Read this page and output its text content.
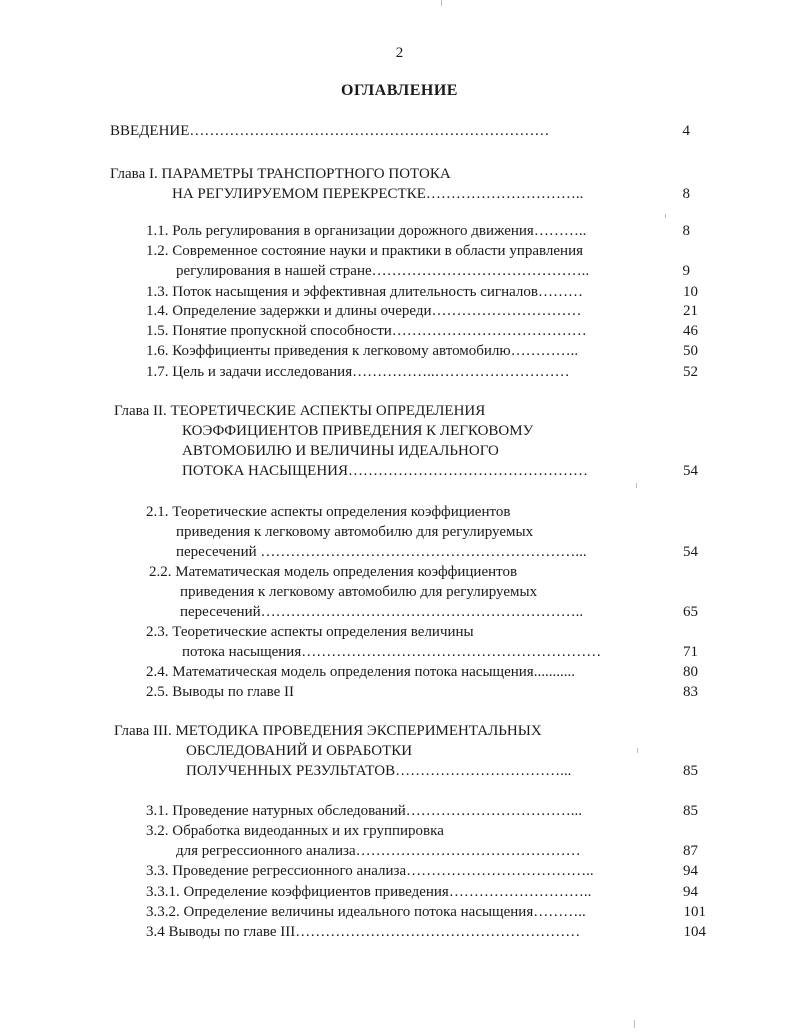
2
ОГЛАВЛЕНИЕ
ВВЕДЕНИЕ………………………………………………………………	4
Глава I. ПАРАМЕТРЫ ТРАНСПОРТНОГО ПОТОКА
НА РЕГУЛИРУЕМОМ ПЕРЕКРЕСТКЕ…………………………..	8
1.1. Роль регулирования в организации дорожного движения………..	8
1.2. Современное состояние науки и практики в области управления
регулирования в нашей стране……………………………………..	9
1.3. Поток насыщения и эффективная длительность сигналов………	10
1.4. Определение задержки и длины очереди…………………………	21
1.5. Понятие пропускной способности…………………………………	46
1.6. Коэффициенты приведения к легковому автомобилю…………..	50
1.7. Цель и задачи исследования……………..………………………	52
Глава II. ТЕОРЕТИЧЕСКИЕ АСПЕКТЫ ОПРЕДЕЛЕНИЯ
КОЭФФИЦИЕНТОВ ПРИВЕДЕНИЯ К ЛЕГКОВОМУ
АВТОМОБИЛЮ И ВЕЛИЧИНЫ ИДЕАЛЬНОГО
ПОТОКА НАСЫЩЕНИЯ…………………………………………	54
2.1. Теоретические аспекты определения коэффициентов
приведения к легковому автомобилю для регулируемых
пересечений ………………………………………………………...	54
2.2. Математическая модель определения коэффициентов
приведения к легковому автомобилю для регулируемых
пересечений………………………………………………………..	65
2.3. Теоретические аспекты определения величины
потока насыщения……………………………………………………	71
2.4. Математическая модель определения потока насыщения...........	80
2.5. Выводы по главе II	83
Глава III. МЕТОДИКА ПРОВЕДЕНИЯ ЭКСПЕРИМЕНТАЛЬНЫХ
ОБСЛЕДОВАНИЙ И ОБРАБОТКИ
ПОЛУЧЕННЫХ РЕЗУЛЬТАТОВ……………………………...	85
3.1. Проведение натурных обследований……………………………...	85
3.2. Обработка видеоданных и их группировка
для регрессионного анализа………………………………………	87
3.3. Проведение регрессионного анализа………………………………..	94
3.3.1. Определение коэффициентов приведения………………………..	94
3.3.2. Определение величины идеального потока насыщения………..	101
3.4 Выводы по главе III…………………………………………………	104
